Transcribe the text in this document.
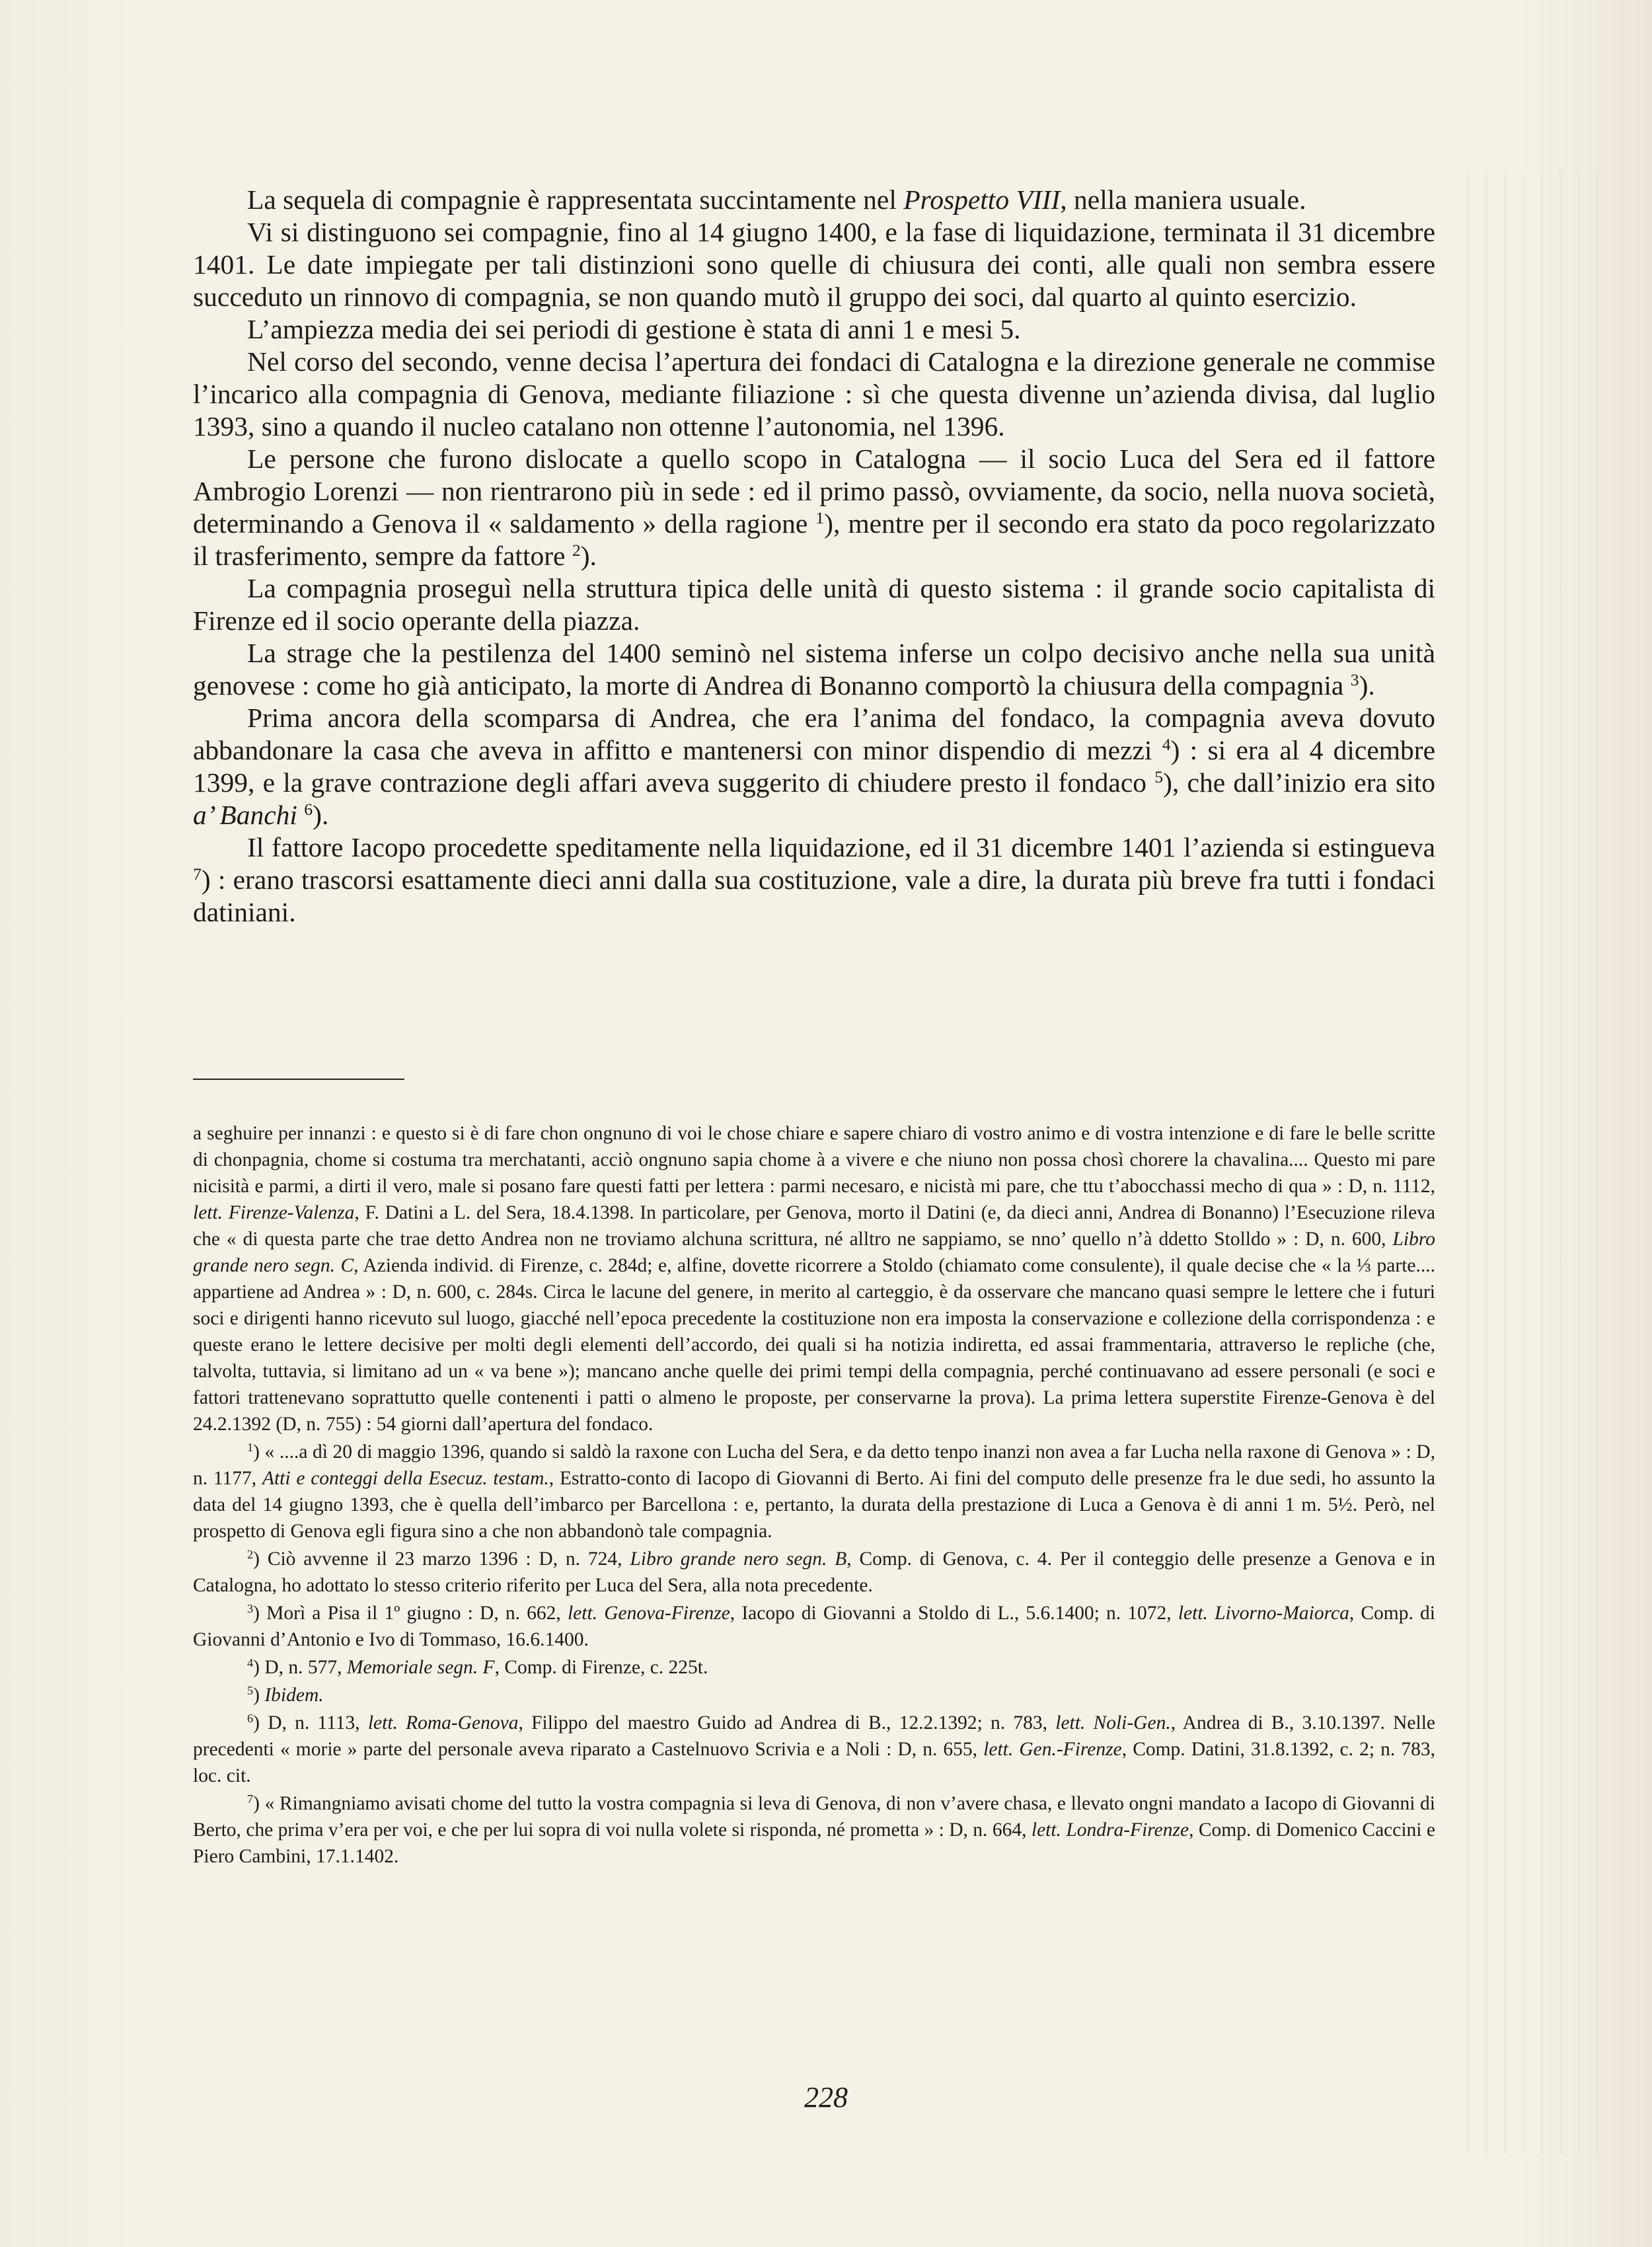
La sequela di compagnie è rappresentata succintamente nel Prospetto VIII, nella maniera usuale.

Vi si distinguono sei compagnie, fino al 14 giugno 1400, e la fase di liquidazione, terminata il 31 dicembre 1401. Le date impiegate per tali distinzioni sono quelle di chiusura dei conti, alle quali non sembra essere succeduto un rinnovo di compagnia, se non quando mutò il gruppo dei soci, dal quarto al quinto esercizio.

L’ampiezza media dei sei periodi di gestione è stata di anni 1 e mesi 5.

Nel corso del secondo, venne decisa l’apertura dei fondaci di Catalogna e la direzione generale ne commise l’incarico alla compagnia di Genova, mediante filiazione : sì che questa divenne un’azienda divisa, dal luglio 1393, sino a quando il nucleo catalano non ottenne l’autonomia, nel 1396.

Le persone che furono dislocate a quello scopo in Catalogna — il socio Luca del Sera ed il fattore Ambrogio Lorenzi — non rientrarono più in sede : ed il primo passò, ovviamente, da socio, nella nuova società, determinando a Genova il « saldamento » della ragione $^1$), mentre per il secondo era stato da poco regolarizzato il trasferimento, sempre da fattore $^2$).

La compagnia proseguì nella struttura tipica delle unità di questo sistema : il grande socio capitalista di Firenze ed il socio operante della piazza.

La strage che la pestilenza del 1400 seminò nel sistema inferse un colpo decisivo anche nella sua unità genovese : come ho già anticipato, la morte di Andrea di Bonanno comportò la chiusura della compagnia $^3$).

Prima ancora della scomparsa di Andrea, che era l’anima del fondaco, la compagnia aveva dovuto abbandonare la casa che aveva in affitto e mantenersi con minor dispendio di mezzi $^4$) : si era al 4 dicembre 1399, e la grave contrazione degli affari aveva suggerito di chiudere presto il fondaco $^5$), che dall’inizio era sito a’ Banchi $^6$).

Il fattore Iacopo procedette speditamente nella liquidazione, ed il 31 dicembre 1401 l’azienda si estingueva $^7$) : erano trascorsi esattamente dieci anni dalla sua costituzione, vale a dire, la durata più breve fra tutti i fondaci datiniani.

a seghuire per innanzi : e questo si è di fare chon ongnuno di voi le chose chiare e sapere chiaro di vostro animo e di vostra intenzione e di fare le belle scritte di chonpagnia, chome si costuma tra merchatanti, acciò ongnuno sapia chome à a vivere e che niuno non possa chosì chorere la chavalina.... Questo mi pare nicisità e parmi, a dirti il vero, male si posano fare questi fatti per lettera : parmi necesaro, e nicistà mi pare, che ttu t’abocchassi mecho di qua » : D, n. 1112, lett. Firenze-Valenza, F. Datini a L. del Sera, 18.4.1398. In particolare, per Genova, morto il Datini (e, da dieci anni, Andrea di Bonanno) l’Esecuzione rileva che « di questa parte che trae detto Andrea non ne troviamo alchuna scrittura, né alltro ne sappiamo, se nno’ quello n’à ddetto Stolldo » : D, n. 600, Libro grande nero segn. C, Azienda individ. di Firenze, c. 284d; e, alfine, dovette ricorrere a Stoldo (chiamato come consulente), il quale decise che « la ⅓ parte.... appartiene ad Andrea » : D, n. 600, c. 284s. Circa le lacune del genere, in merito al carteggio, è da osservare che mancano quasi sempre le lettere che i futuri soci e dirigenti hanno ricevuto sul luogo, giacché nell’epoca precedente la costituzione non era imposta la conservazione e collezione della corrispondenza : e queste erano le lettere decisive per molti degli elementi dell’accordo, dei quali si ha notizia indiretta, ed assai frammentaria, attraverso le repliche (che, talvolta, tuttavia, si limitano ad un « va bene »); mancano anche quelle dei primi tempi della compagnia, perché continuavano ad essere personali (e soci e fattori trattenevano soprattutto quelle contenenti i patti o almeno le proposte, per conservarne la prova). La prima lettera superstite Firenze-Genova è del 24.2.1392 (D, n. 755) : 54 giorni dall’apertura del fondaco.

$^1$) « ....a dì 20 di maggio 1396, quando si saldò la raxone con Lucha del Sera, e da detto tenpo inanzi non avea a far Lucha nella raxone di Genova » : D, n. 1177, Atti e conteggi della Esecuz. testam., Estratto-conto di Iacopo di Giovanni di Berto. Ai fini del computo delle presenze fra le due sedi, ho assunto la data del 14 giugno 1393, che è quella dell’imbarco per Barcellona : e, pertanto, la durata della prestazione di Luca a Genova è di anni 1 m. 5½. Però, nel prospetto di Genova egli figura sino a che non abbandonò tale compagnia.

$^2$) Ciò avvenne il 23 marzo 1396 : D, n. 724, Libro grande nero segn. B, Comp. di Genova, c. 4. Per il conteggio delle presenze a Genova e in Catalogna, ho adottato lo stesso criterio riferito per Luca del Sera, alla nota precedente.

$^3$) Morì a Pisa il 1º giugno : D, n. 662, lett. Genova-Firenze, Iacopo di Giovanni a Stoldo di L., 5.6.1400; n. 1072, lett. Livorno-Maiorca, Comp. di Giovanni d’Antonio e Ivo di Tommaso, 16.6.1400.

$^4$) D, n. 577, Memoriale segn. F, Comp. di Firenze, c. 225t.

$^5$) Ibidem.

$^6$) D, n. 1113, lett. Roma-Genova, Filippo del maestro Guido ad Andrea di B., 12.2.1392; n. 783, lett. Noli-Gen., Andrea di B., 3.10.1397. Nelle precedenti « morie » parte del personale aveva riparato a Castelnuovo Scrivia e a Noli : D, n. 655, lett. Gen.-Firenze, Comp. Datini, 31.8.1392, c. 2; n. 783, loc. cit.

$^7$) « Rimangniamo avisati chome del tutto la vostra compagnia si leva di Genova, di non v’avere chasa, e llevato ongni mandato a Iacopo di Giovanni di Berto, che prima v’era per voi, e che per lui sopra di voi nulla volete si risponda, né prometta » : D, n. 664, lett. Londra-Firenze, Comp. di Domenico Caccini e Piero Cambini, 17.1.1402.

228
